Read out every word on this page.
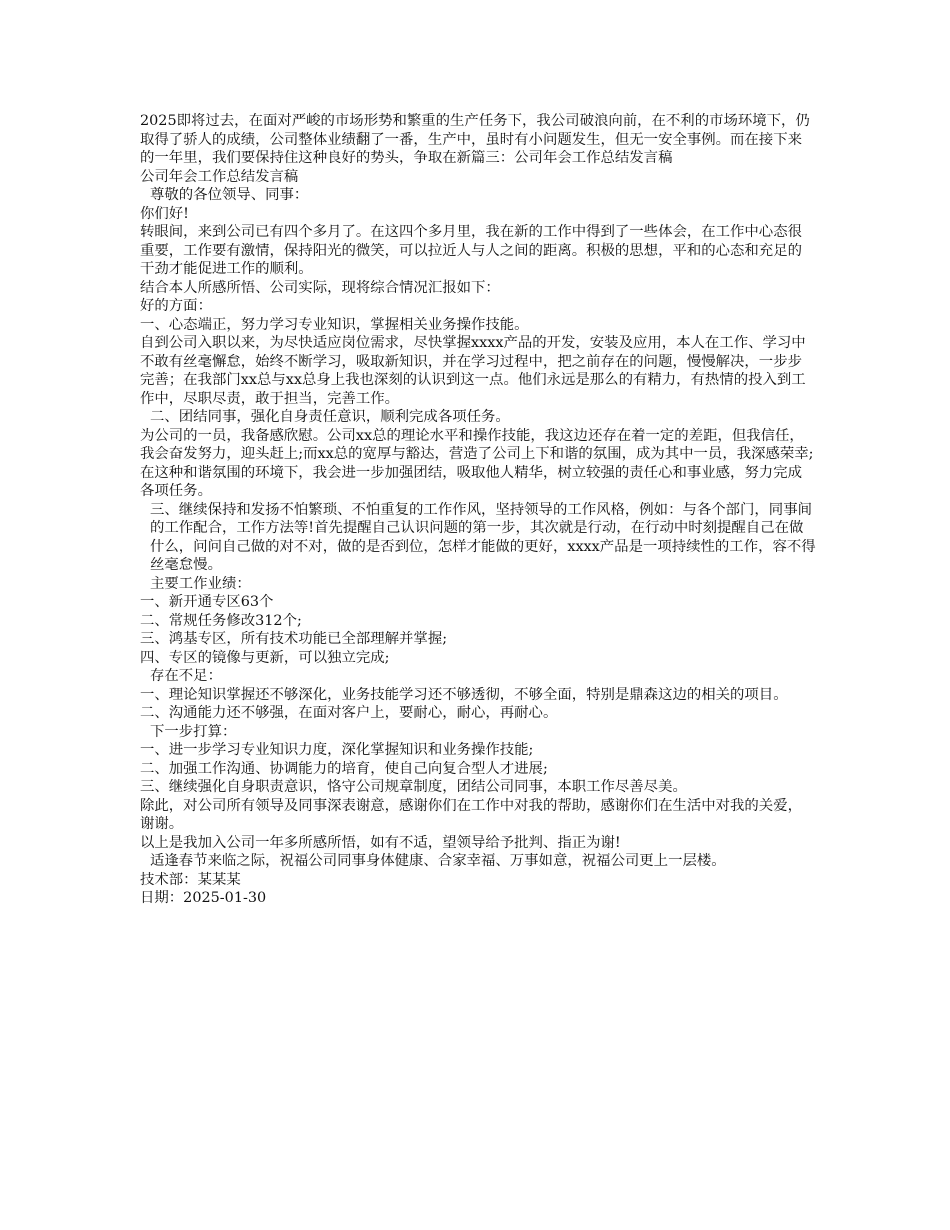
2025即将过去，在面对严峻的市场形势和繁重的生产任务下，我公司破浪向前，在不利的市场环境下，仍取得了骄人的成绩，公司整体业绩翻了一番，生产中，虽时有小问题发生，但无一安全事例。而在接下来的一年里，我们要保持住这种良好的势头，争取在新篇三：公司年会工作总结发言稿

公司年会工作总结发言稿

尊敬的各位领导、同事：

你们好!

转眼间，来到公司已有四个多月了。在这四个多月里，我在新的工作中得到了一些体会，在工作中心态很重要，工作要有激情，保持阳光的微笑，可以拉近人与人之间的距离。积极的思想，平和的心态和充足的干劲才能促进工作的顺利。

结合本人所感所悟、公司实际，现将综合情况汇报如下：

好的方面：

一、心态端正，努力学习专业知识，掌握相关业务操作技能。

自到公司入职以来，为尽快适应岗位需求，尽快掌握xxxx产品的开发，安装及应用，本人在工作、学习中不敢有丝毫懈怠，始终不断学习，吸取新知识，并在学习过程中，把之前存在的问题，慢慢解决，一步步完善；在我部门xx总与xx总身上我也深刻的认识到这一点。他们永远是那么的有精力，有热情的投入到工作中，尽职尽责，敢于担当，完善工作。

二、团结同事，强化自身责任意识，顺利完成各项任务。

为公司的一员，我备感欣慰。公司xx总的理论水平和操作技能，我这边还存在着一定的差距，但我信任，我会奋发努力，迎头赶上;而xx总的宽厚与豁达，营造了公司上下和谐的氛围，成为其中一员，我深感荣幸;在这种和谐氛围的环境下，我会进一步加强团结，吸取他人精华，树立较强的责任心和事业感，努力完成各项任务。

三、继续保持和发扬不怕繁琐、不怕重复的工作作风，坚持领导的工作风格，例如：与各个部门，同事间的工作配合，工作方法等!首先提醒自己认识问题的第一步，其次就是行动，在行动中时刻提醒自己在做什么，问问自己做的对不对，做的是否到位，怎样才能做的更好，xxxx产品是一项持续性的工作，容不得丝毫怠慢。

主要工作业绩：

一、新开通专区63个

二、常规任务修改312个;

三、鸿基专区，所有技术功能已全部理解并掌握;

四、专区的镜像与更新，可以独立完成;

存在不足：

一、理论知识掌握还不够深化，业务技能学习还不够透彻，不够全面，特别是鼎森这边的相关的项目。

二、沟通能力还不够强，在面对客户上，要耐心，耐心，再耐心。

下一步打算：

一、进一步学习专业知识力度，深化掌握知识和业务操作技能;

二、加强工作沟通、协调能力的培育，使自己向复合型人才进展;

三、继续强化自身职责意识，恪守公司规章制度，团结公司同事，本职工作尽善尽美。

除此，对公司所有领导及同事深表谢意，感谢你们在工作中对我的帮助，感谢你们在生活中对我的关爱，谢谢。

以上是我加入公司一年多所感所悟，如有不适，望领导给予批判、指正为谢!

适逢春节来临之际，祝福公司同事身体健康、合家幸福、万事如意，祝福公司更上一层楼。

技术部：某某某

日期：2025-01-30
